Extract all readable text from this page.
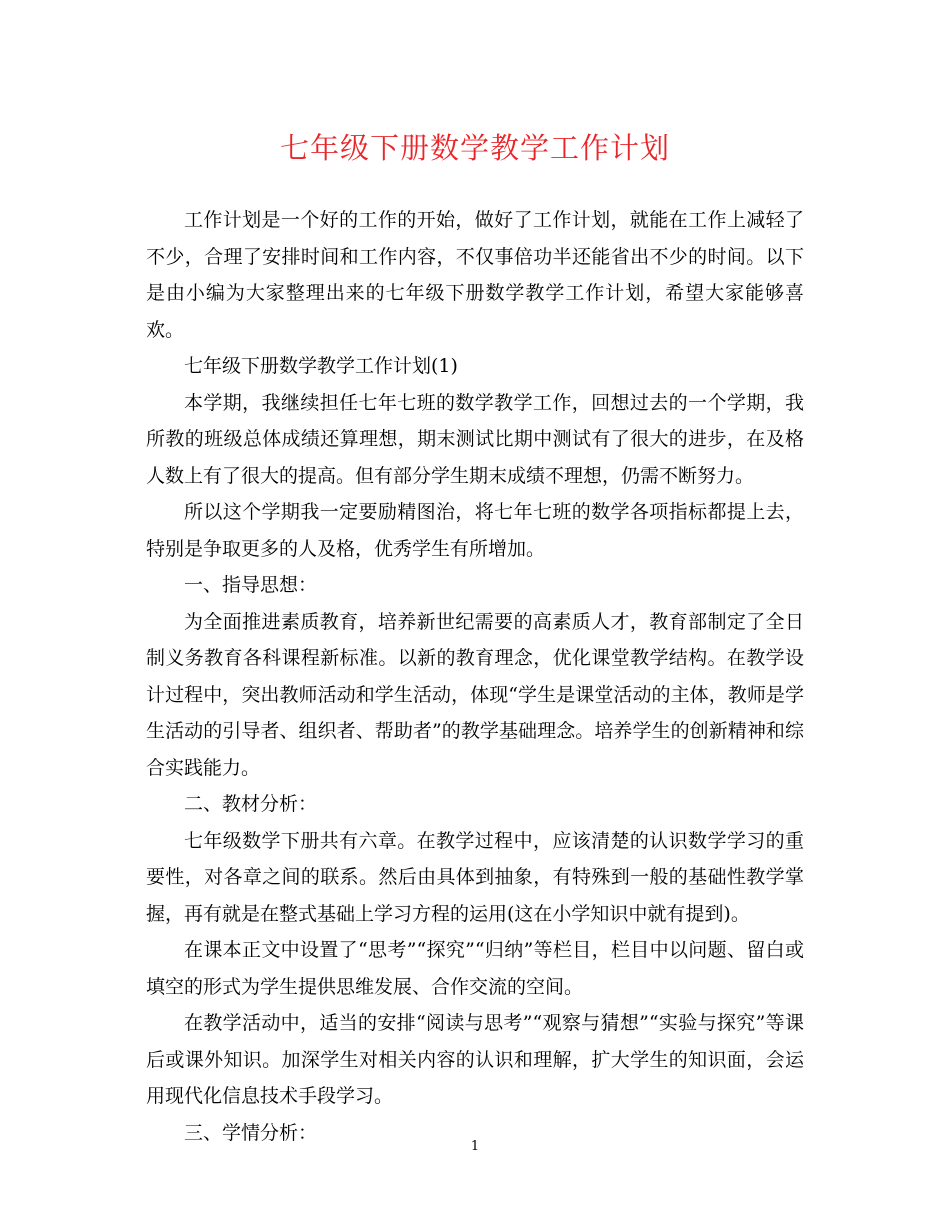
七年级下册数学教学工作计划

工作计划是一个好的工作的开始，做好了工作计划，就能在工作上减轻了不少，合理了安排时间和工作内容，不仅事倍功半还能省出不少的时间。以下是由小编为大家整理出来的七年级下册数学教学工作计划，希望大家能够喜欢。

七年级下册数学教学工作计划(1)

本学期，我继续担任七年七班的数学教学工作，回想过去的一个学期，我所教的班级总体成绩还算理想，期末测试比期中测试有了很大的进步，在及格人数上有了很大的提高。但有部分学生期末成绩不理想，仍需不断努力。

所以这个学期我一定要励精图治，将七年七班的数学各项指标都提上去，特别是争取更多的人及格，优秀学生有所增加。

一、指导思想：

为全面推进素质教育，培养新世纪需要的高素质人才，教育部制定了全日制义务教育各科课程新标准。以新的教育理念，优化课堂教学结构。在教学设计过程中，突出教师活动和学生活动，体现“学生是课堂活动的主体，教师是学生活动的引导者、组织者、帮助者”的教学基础理念。培养学生的创新精神和综合实践能力。

二、教材分析：

七年级数学下册共有六章。在教学过程中，应该清楚的认识数学学习的重要性，对各章之间的联系。然后由具体到抽象，有特殊到一般的基础性教学掌握，再有就是在整式基础上学习方程的运用(这在小学知识中就有提到)。

在课本正文中设置了“思考”“探究”“归纳”等栏目，栏目中以问题、留白或填空的形式为学生提供思维发展、合作交流的空间。

在教学活动中，适当的安排“阅读与思考”“观察与猜想”“实验与探究”等课后或课外知识。加深学生对相关内容的认识和理解，扩大学生的知识面，会运用现代化信息技术手段学习。

三、学情分析：

1
